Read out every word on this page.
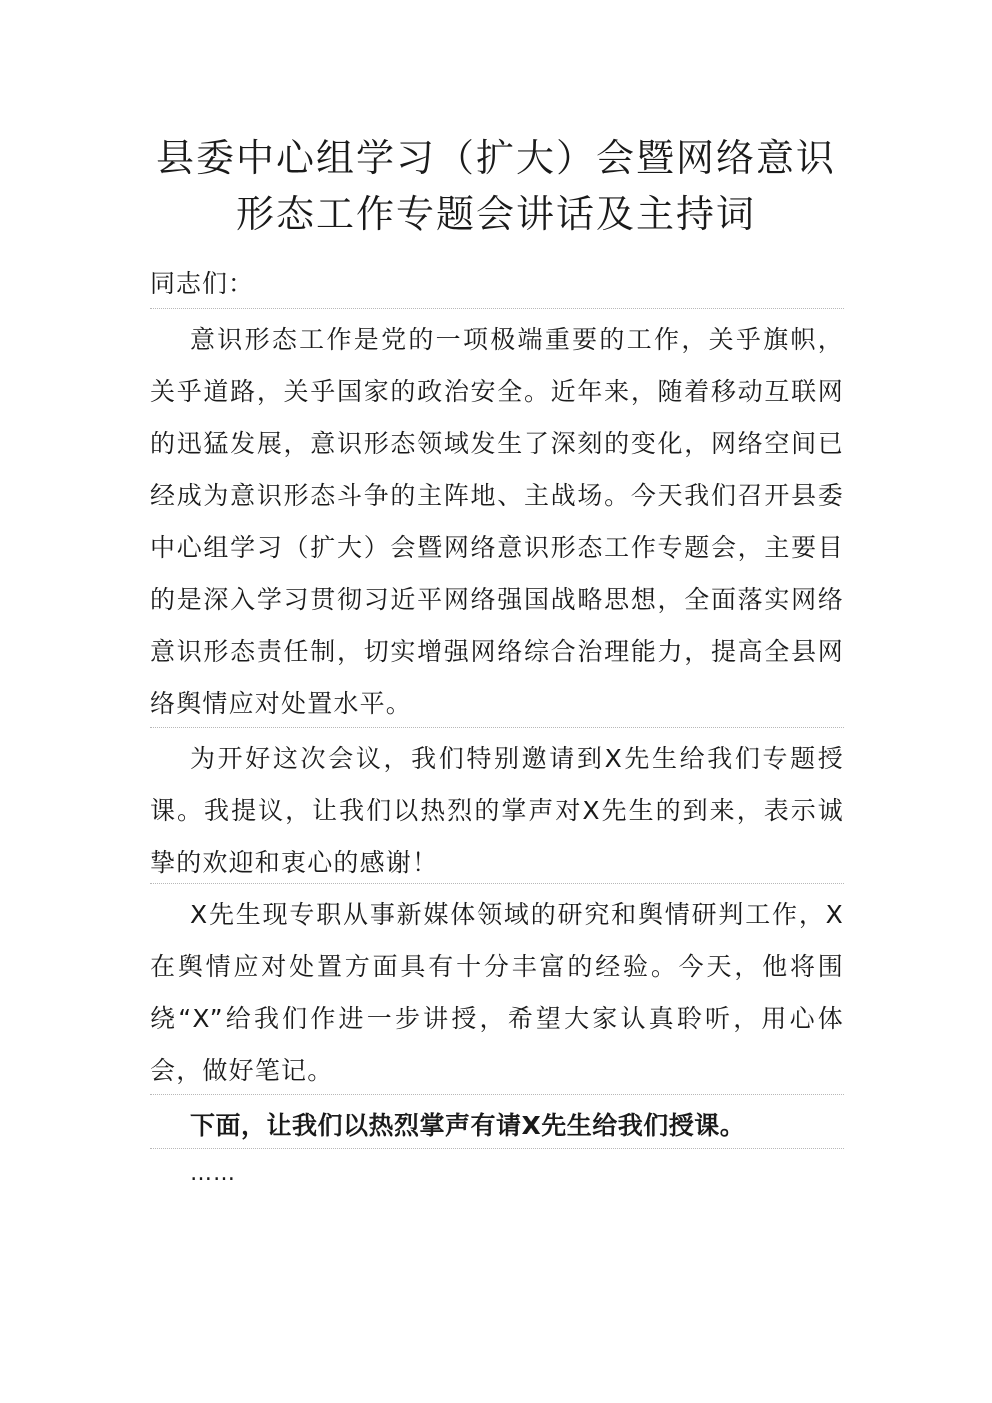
县委中心组学习（扩大）会暨网络意识形态工作专题会讲话及主持词
同志们：

意识形态工作是党的一项极端重要的工作，关乎旗帜，关乎道路，关乎国家的政治安全。近年来，随着移动互联网的迅猛发展，意识形态领域发生了深刻的变化，网络空间已经成为意识形态斗争的主阵地、主战场。今天我们召开县委中心组学习（扩大）会暨网络意识形态工作专题会，主要目的是深入学习贯彻习近平网络强国战略思想，全面落实网络意识形态责任制，切实增强网络综合治理能力，提高全县网络舆情应对处置水平。

为开好这次会议，我们特别邀请到X先生给我们专题授课。我提议，让我们以热烈的掌声对X先生的到来，表示诚挚的欢迎和衷心的感谢！

X先生现专职从事新媒体领域的研究和舆情研判工作，X在舆情应对处置方面具有十分丰富的经验。今天，他将围绕“X”给我们作进一步讲授，希望大家认真聆听，用心体会，做好笔记。

下面，让我们以热烈掌声有请X先生给我们授课。

……
